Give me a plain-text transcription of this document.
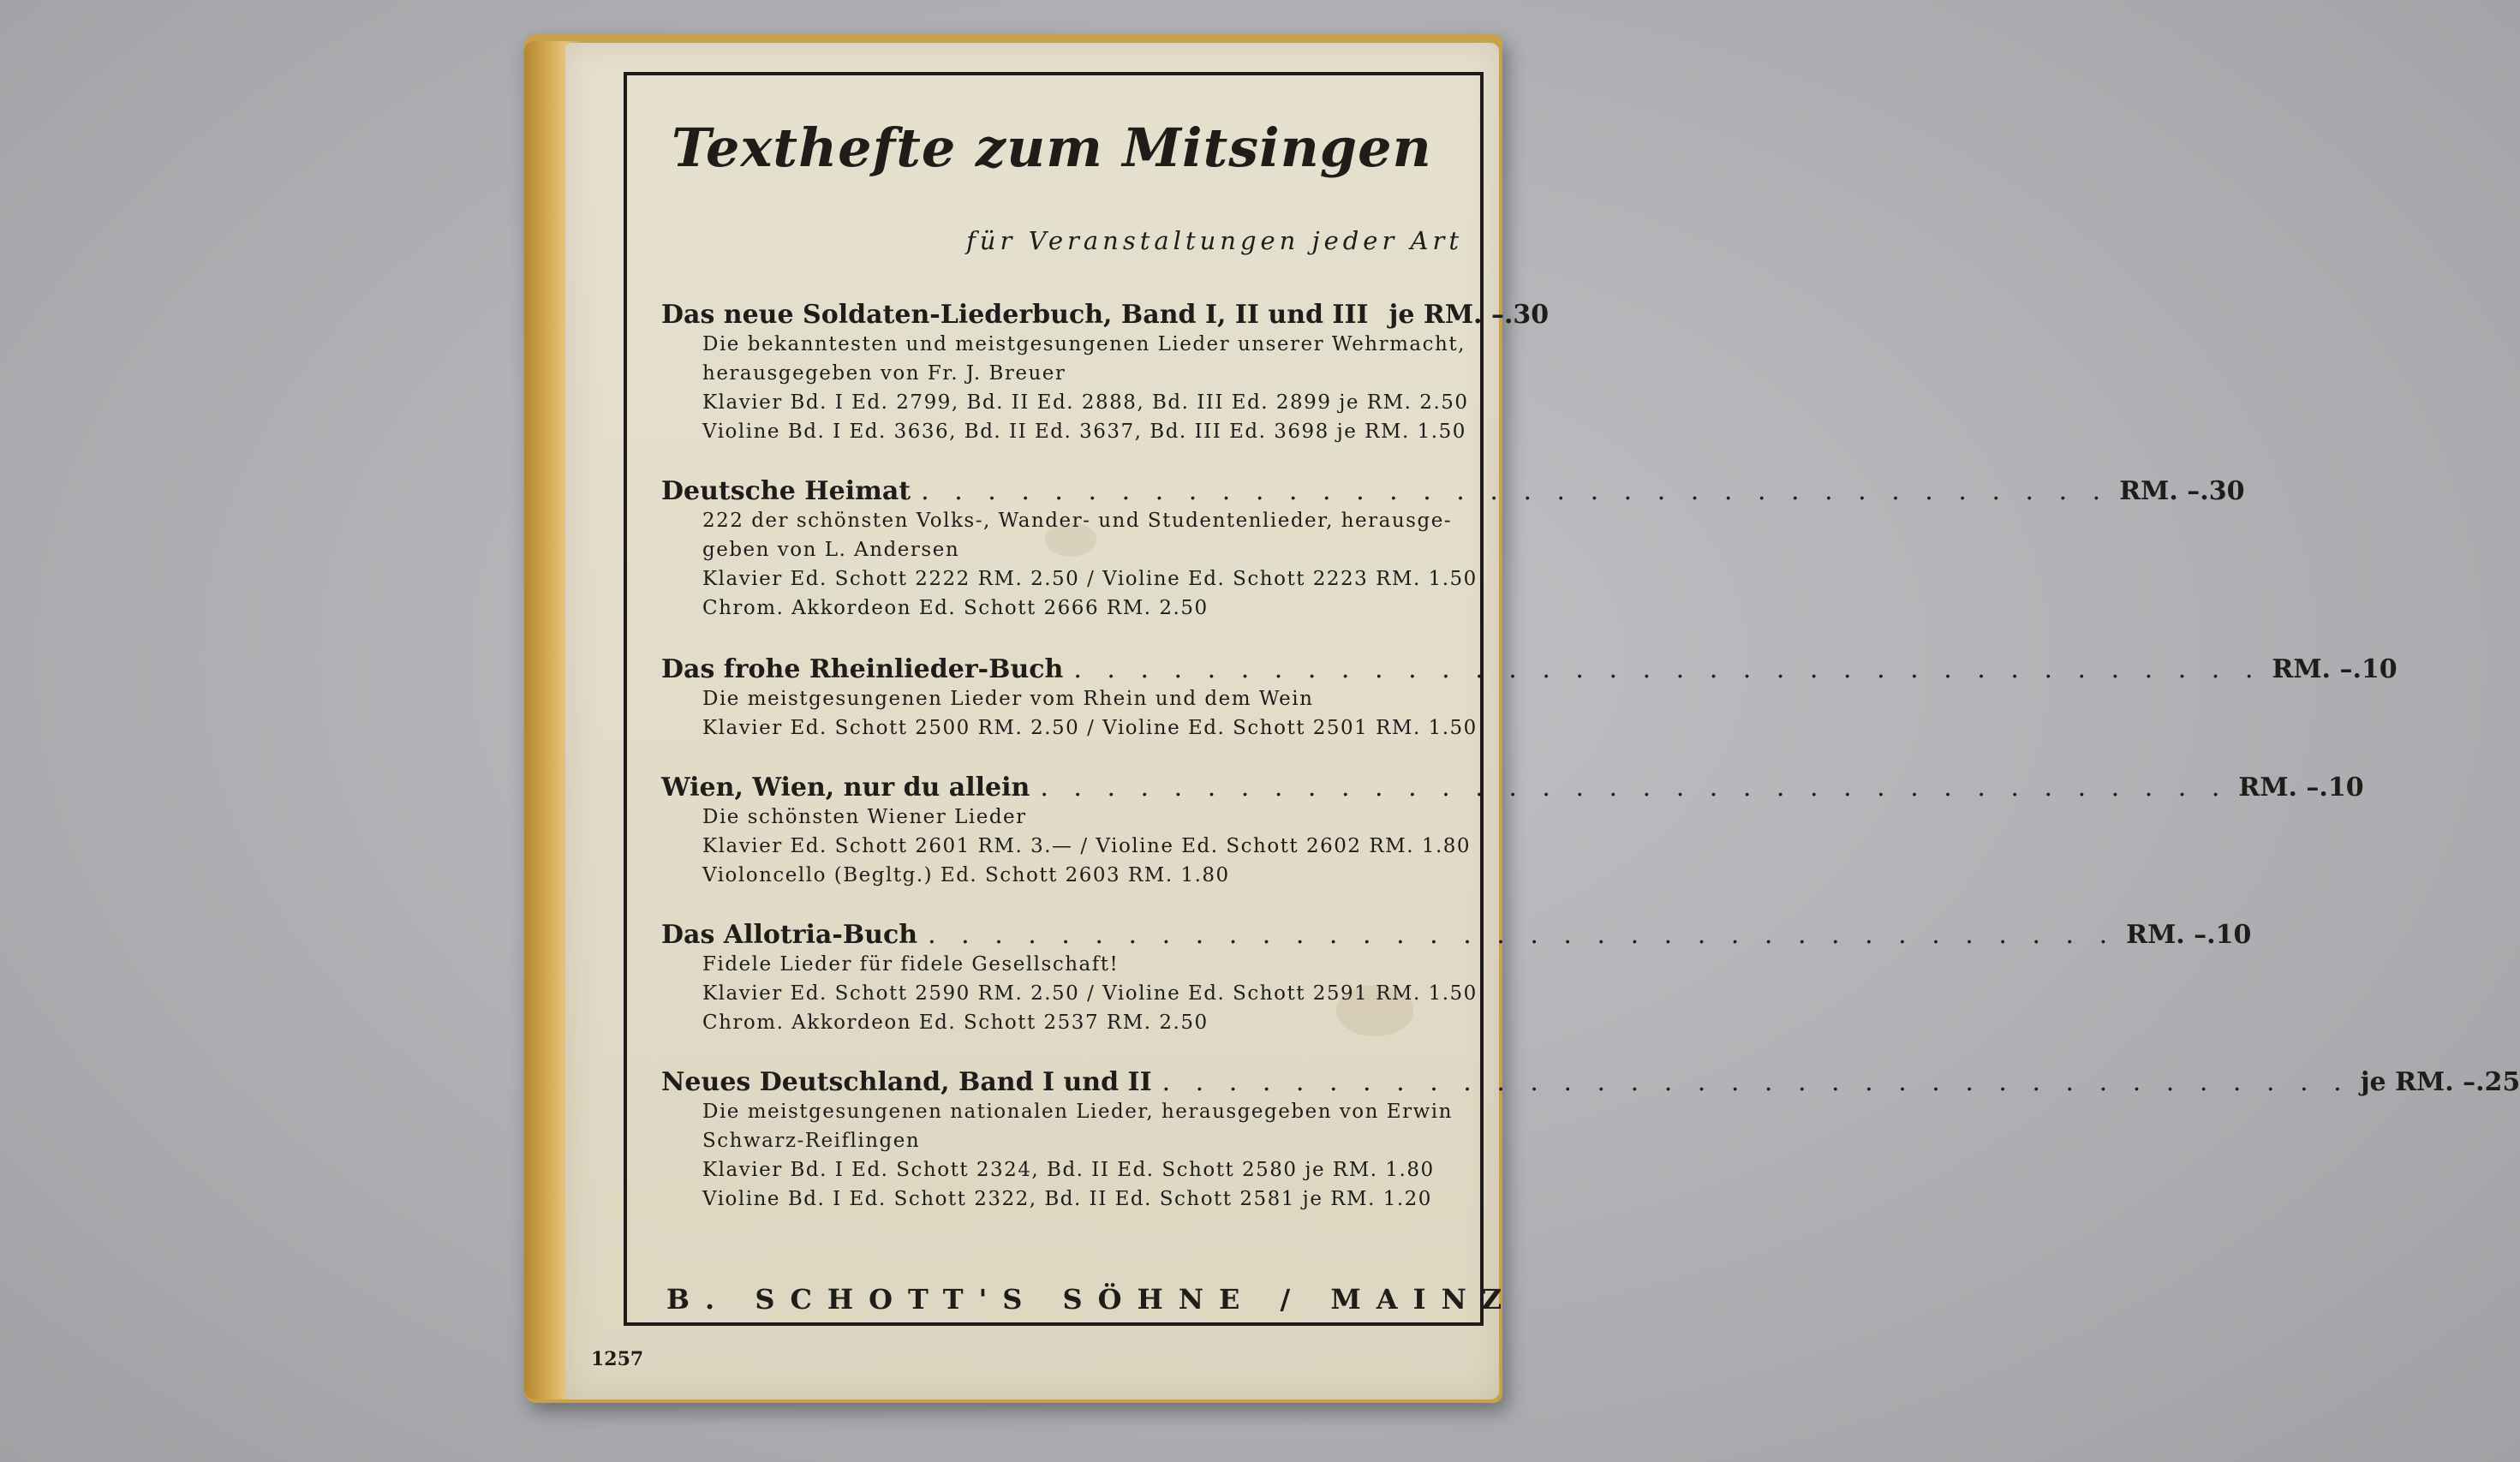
Texthefte zum Mitsingen
für Veranstaltungen jeder Art
Das neue Soldaten-Liederbuch, Band I, II und III je RM. –.30
Die bekanntesten und meistgesungenen Lieder unserer Wehrmacht,
herausgegeben von Fr. J. Breuer
Klavier Bd. I Ed. 2799, Bd. II Ed. 2888, Bd. III Ed. 2899 je RM. 2.50
Violine Bd. I Ed. 3636, Bd. II Ed. 3637, Bd. III Ed. 3698 je RM. 1.50
Deutsche Heimat . . . . . . . . . . . . . . . . . . . . . . . . . . . . . . . . . . . . RM. –.30
222 der schönsten Volks-, Wander- und Studentenlieder, herausge-
geben von L. Andersen
Klavier Ed. Schott 2222 RM. 2.50 / Violine Ed. Schott 2223 RM. 1.50
Chrom. Akkordeon Ed. Schott 2666 RM. 2.50
Das frohe Rheinlieder-Buch . . . . . . . . . . . . . . . . . . . . . . . . . . . . . . . . . . . . RM. –.10
Die meistgesungenen Lieder vom Rhein und dem Wein
Klavier Ed. Schott 2500 RM. 2.50 / Violine Ed. Schott 2501 RM. 1.50
Wien, Wien, nur du allein . . . . . . . . . . . . . . . . . . . . . . . . . . . . . . . . . . . . RM. –.10
Die schönsten Wiener Lieder
Klavier Ed. Schott 2601 RM. 3.— / Violine Ed. Schott 2602 RM. 1.80
Violoncello (Begltg.) Ed. Schott 2603 RM. 1.80
Das Allotria-Buch . . . . . . . . . . . . . . . . . . . . . . . . . . . . . . . . . . . . RM. –.10
Fidele Lieder für fidele Gesellschaft!
Klavier Ed. Schott 2590 RM. 2.50 / Violine Ed. Schott 2591 RM. 1.50
Chrom. Akkordeon Ed. Schott 2537 RM. 2.50
Neues Deutschland, Band I und II . . . . . . . . . . . . . . . . . . . . . . . . . . . . . . . . . . . . je RM. –.25
Die meistgesungenen nationalen Lieder, herausgegeben von Erwin
Schwarz-Reiflingen
Klavier Bd. I Ed. Schott 2324, Bd. II Ed. Schott 2580 je RM. 1.80
Violine Bd. I Ed. Schott 2322, Bd. II Ed. Schott 2581 je RM. 1.20
B. SCHOTT'S SÖHNE / MAINZ
1257
